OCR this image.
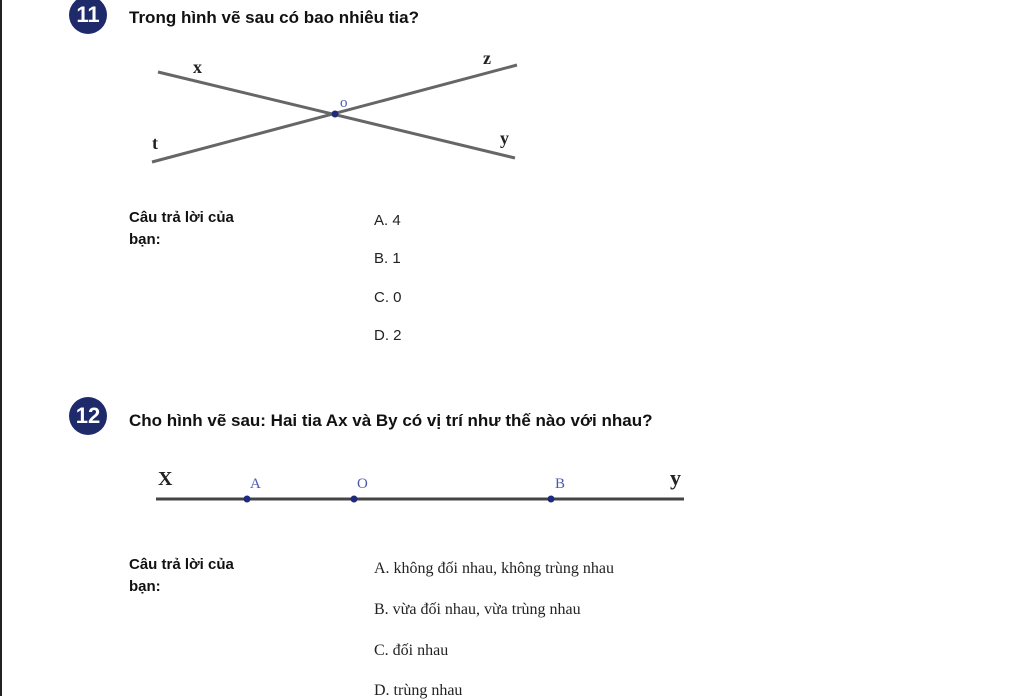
11	Trong hình vẽ sau có bao nhiêu tia?
x	z
o
t	y
Câu trả lời của bạn:
A. 4
B. 1
C. 0
D. 2
12	Cho hình vẽ sau: Hai tia Ax và By có vị trí như thế nào với nhau?
X	A	O	B	y
Câu trả lời của bạn:
A. không đối nhau, không trùng nhau
B. vừa đối nhau, vừa trùng nhau
C. đối nhau
D. trùng nhau
